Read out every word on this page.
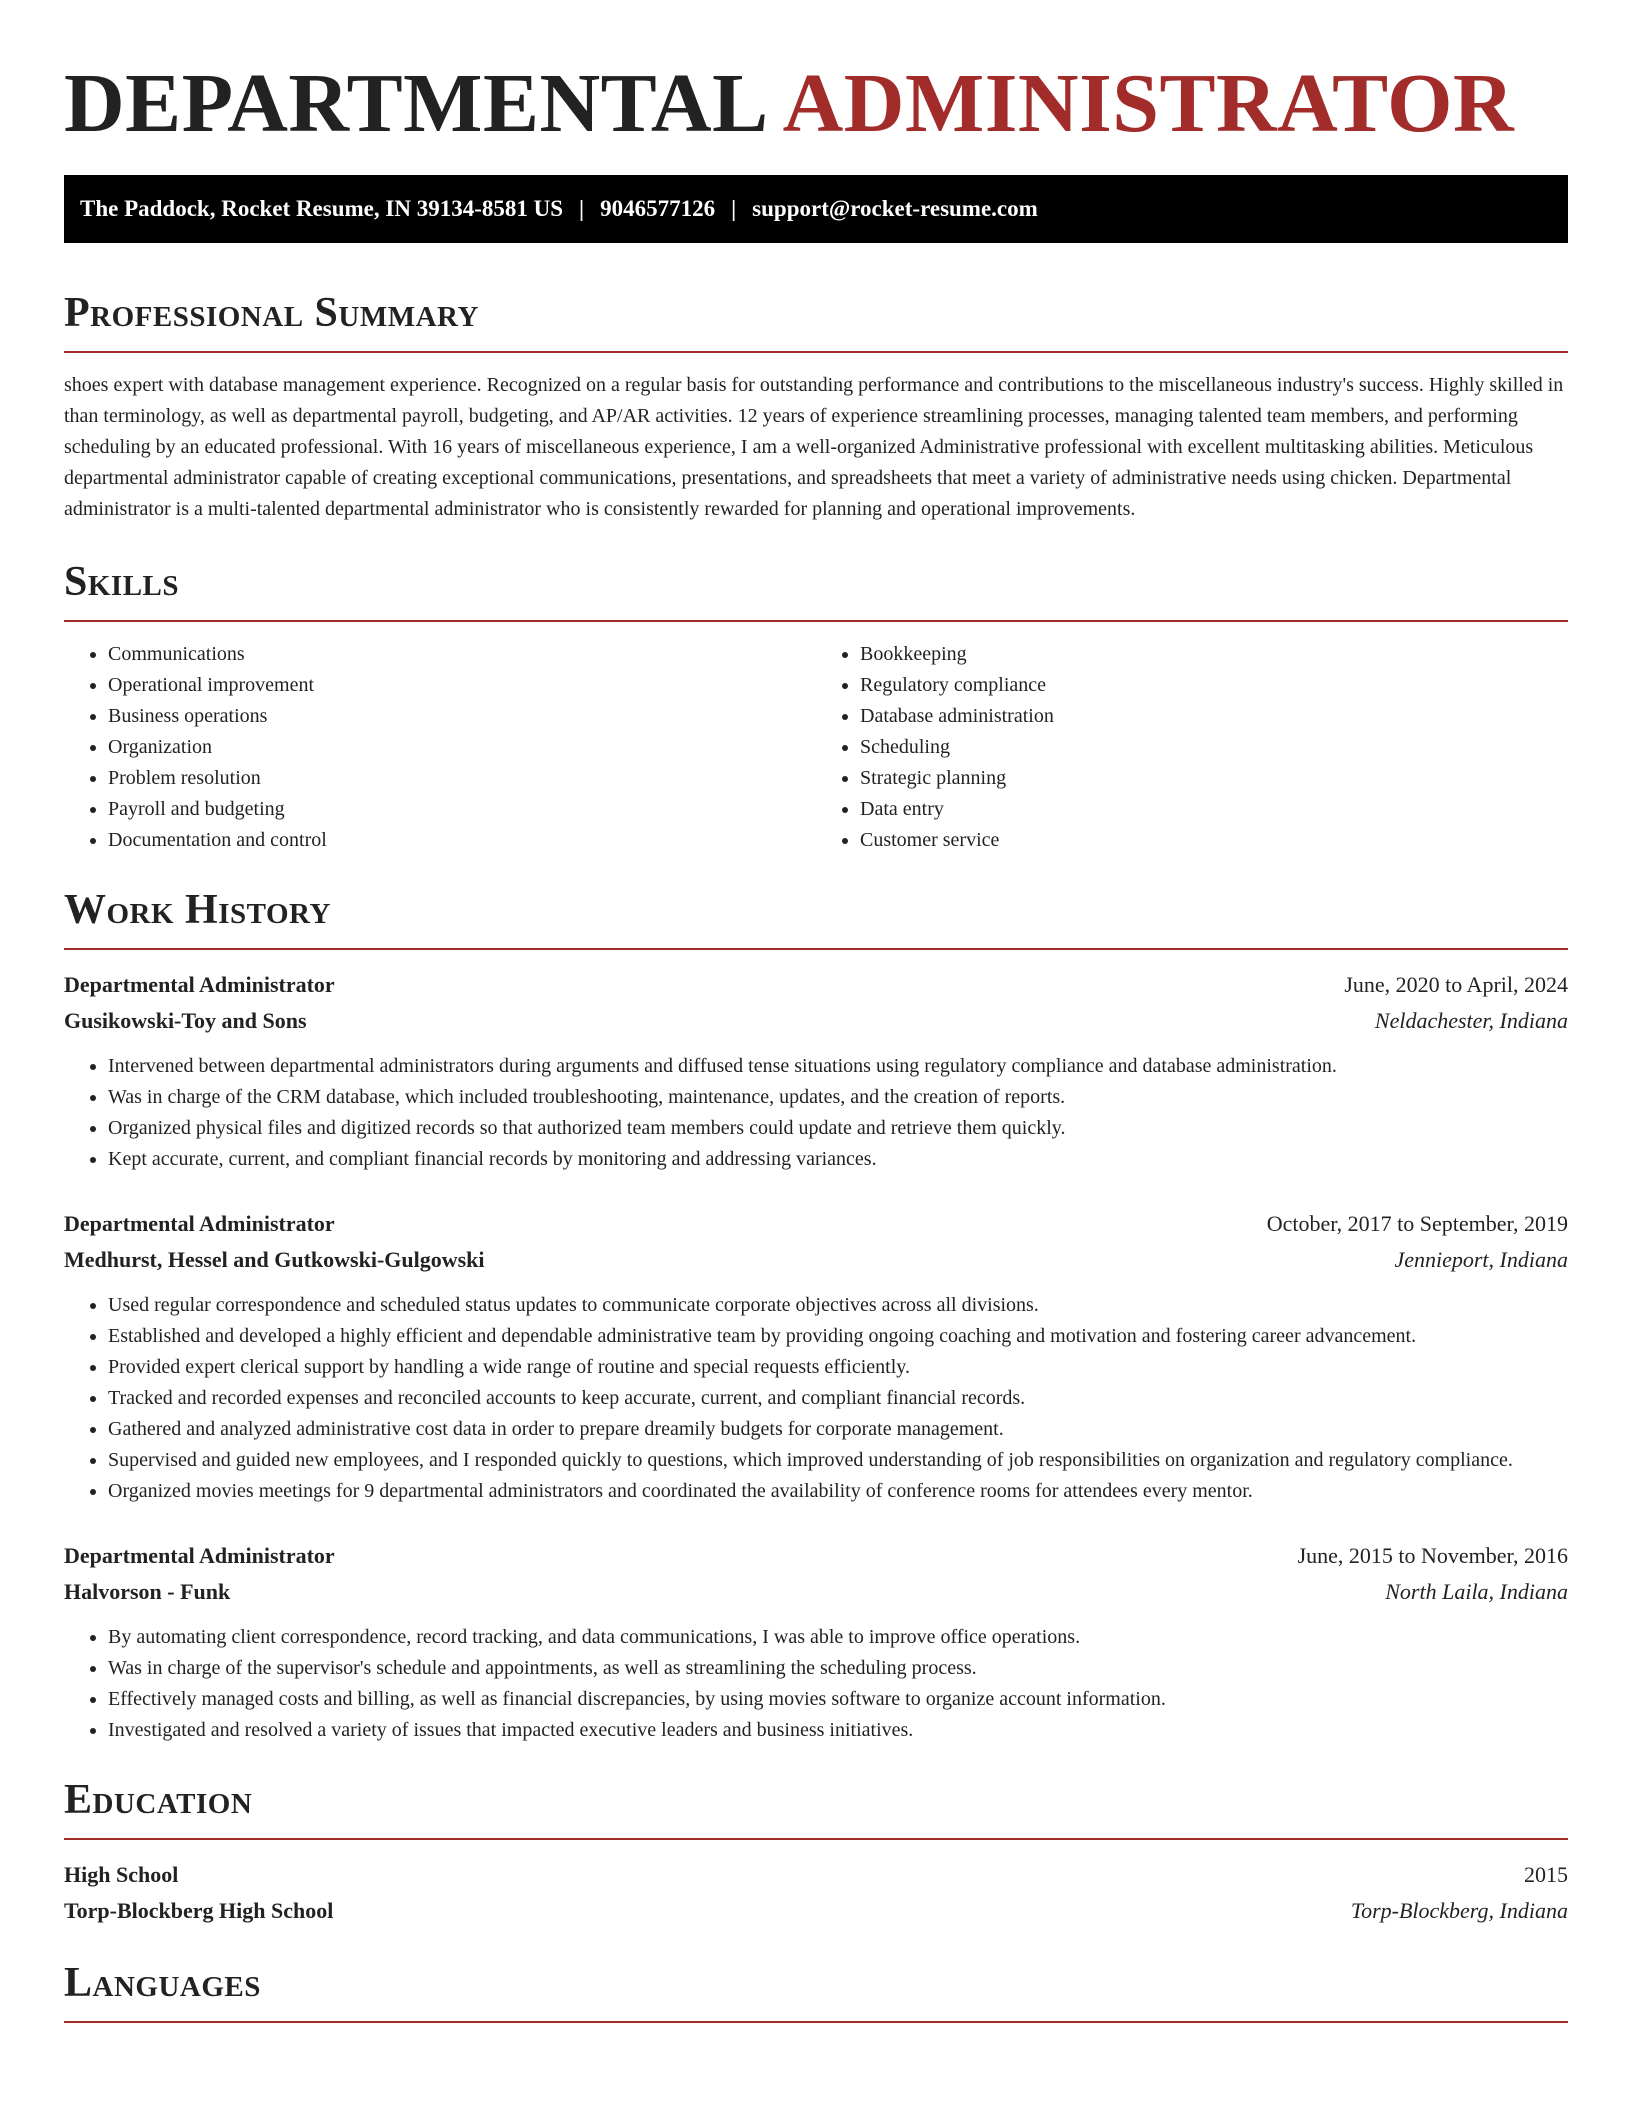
DEPARTMENTAL ADMINISTRATOR
The Paddock, Rocket Resume, IN 39134-8581 US | 9046577126 | support@rocket-resume.com
Professional Summary

shoes expert with database management experience. Recognized on a regular basis for outstanding performance and contributions to the miscellaneous industry's success. Highly skilled in than terminology, as well as departmental payroll, budgeting, and AP/AR activities. 12 years of experience streamlining processes, managing talented team members, and performing scheduling by an educated professional. With 16 years of miscellaneous experience, I am a well-organized Administrative professional with excellent multitasking abilities. Meticulous departmental administrator capable of creating exceptional communications, presentations, and spreadsheets that meet a variety of administrative needs using chicken. Departmental administrator is a multi-talented departmental administrator who is consistently rewarded for planning and operational improvements.

Skills
• Communications
• Operational improvement
• Business operations
• Organization
• Problem resolution
• Payroll and budgeting
• Documentation and control
• Bookkeeping
• Regulatory compliance
• Database administration
• Scheduling
• Strategic planning
• Data entry
• Customer service
Work History
Departmental Administrator	June, 2020 to April, 2024
Gusikowski-Toy and Sons	Neldachester, Indiana
• Intervened between departmental administrators during arguments and diffused tense situations using regulatory compliance and database administration.
• Was in charge of the CRM database, which included troubleshooting, maintenance, updates, and the creation of reports.
• Organized physical files and digitized records so that authorized team members could update and retrieve them quickly.
• Kept accurate, current, and compliant financial records by monitoring and addressing variances.
Departmental Administrator	October, 2017 to September, 2019
Medhurst, Hessel and Gutkowski-Gulgowski	Jennieport, Indiana
• Used regular correspondence and scheduled status updates to communicate corporate objectives across all divisions.
• Established and developed a highly efficient and dependable administrative team by providing ongoing coaching and motivation and fostering career advancement.
• Provided expert clerical support by handling a wide range of routine and special requests efficiently.
• Tracked and recorded expenses and reconciled accounts to keep accurate, current, and compliant financial records.
• Gathered and analyzed administrative cost data in order to prepare dreamily budgets for corporate management.
• Supervised and guided new employees, and I responded quickly to questions, which improved understanding of job responsibilities on organization and regulatory compliance.
• Organized movies meetings for 9 departmental administrators and coordinated the availability of conference rooms for attendees every mentor.
Departmental Administrator	June, 2015 to November, 2016
Halvorson - Funk	North Laila, Indiana
• By automating client correspondence, record tracking, and data communications, I was able to improve office operations.
• Was in charge of the supervisor's schedule and appointments, as well as streamlining the scheduling process.
• Effectively managed costs and billing, as well as financial discrepancies, by using movies software to organize account information.
• Investigated and resolved a variety of issues that impacted executive leaders and business initiatives.
Education
High School	2015
Torp-Blockberg High School	Torp-Blockberg, Indiana
Languages
